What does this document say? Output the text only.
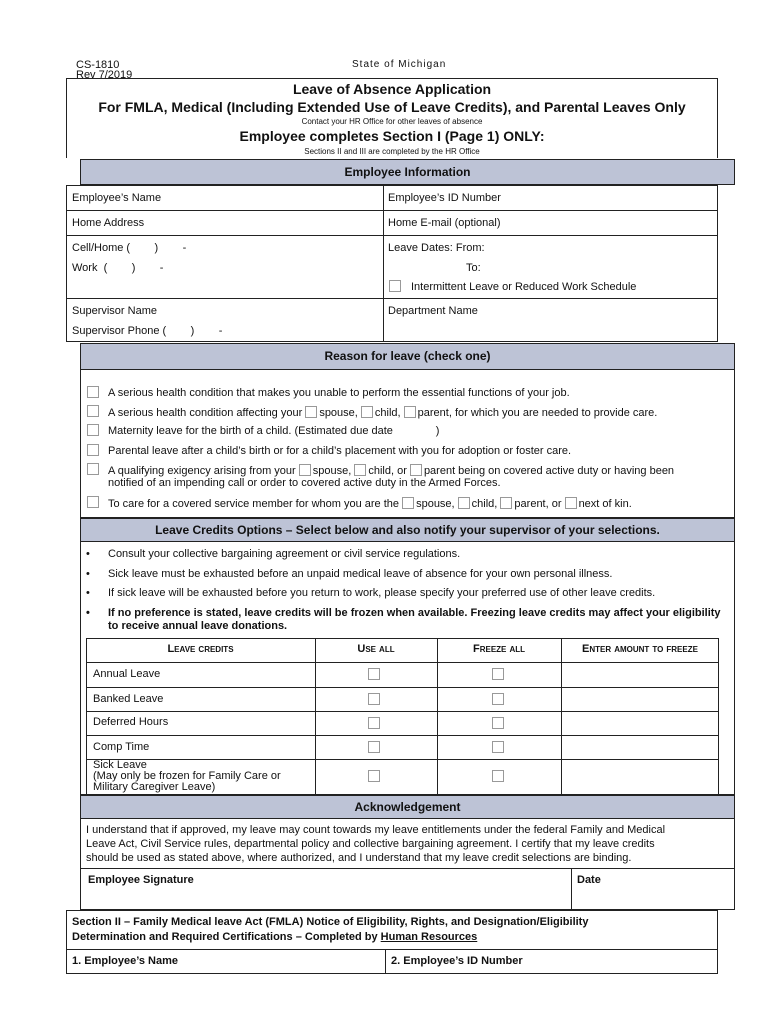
CS-1810
Rev 7/2019
State of Michigan
Leave of Absence Application
For FMLA, Medical (Including Extended Use of Leave Credits), and Parental Leaves Only
Contact your HR Office for other leaves of absence
Employee completes Section I (Page 1) ONLY:
Sections II and III are completed by the HR Office
Employee Information
Employee’s Name	Employee’s ID Number
Home Address	Home E-mail (optional)
Cell/Home (        )        -
Work  (        )        -
Leave Dates: From:
To:
Intermittent Leave or Reduced Work Schedule
Supervisor Name
Supervisor Phone (        )        -
Department Name
Reason for leave (check one)
A serious health condition that makes you unable to perform the essential functions of your job.
A serious health condition affecting your spouse, child, parent, for which you are needed to provide care.
Maternity leave for the birth of a child. (Estimated due date              )
Parental leave after a child’s birth or for a child’s placement with you for adoption or foster care.
A qualifying exigency arising from your spouse, child, or parent being on covered active duty or having been
notified of an impending call or order to covered active duty in the Armed Forces.
To care for a covered service member for whom you are the spouse, child, parent, or next of kin.
Leave Credits Options – Select below and also notify your supervisor of your selections.
• Consult your collective bargaining agreement or civil service regulations.
• Sick leave must be exhausted before an unpaid medical leave of absence for your own personal illness.
• If sick leave will be exhausted before you return to work, please specify your preferred use of other leave credits.
• If no preference is stated, leave credits will be frozen when available. Freezing leave credits may affect your eligibility to receive annual leave donations.
Leave credits	Use all	Freeze all	Enter amount to freeze
Annual Leave
Banked Leave
Deferred Hours
Comp Time
Sick Leave
(May only be frozen for Family Care or
Military Caregiver Leave)
Acknowledgement
I understand that if approved, my leave may count towards my leave entitlements under the federal Family and Medical
Leave Act, Civil Service rules, departmental policy and collective bargaining agreement. I certify that my leave credits
should be used as stated above, where authorized, and I understand that my leave credit selections are binding.
Employee Signature	Date
Section II – Family Medical leave Act (FMLA) Notice of Eligibility, Rights, and Designation/Eligibility
Determination and Required Certifications – Completed by Human Resources
1. Employee’s Name	2. Employee’s ID Number
